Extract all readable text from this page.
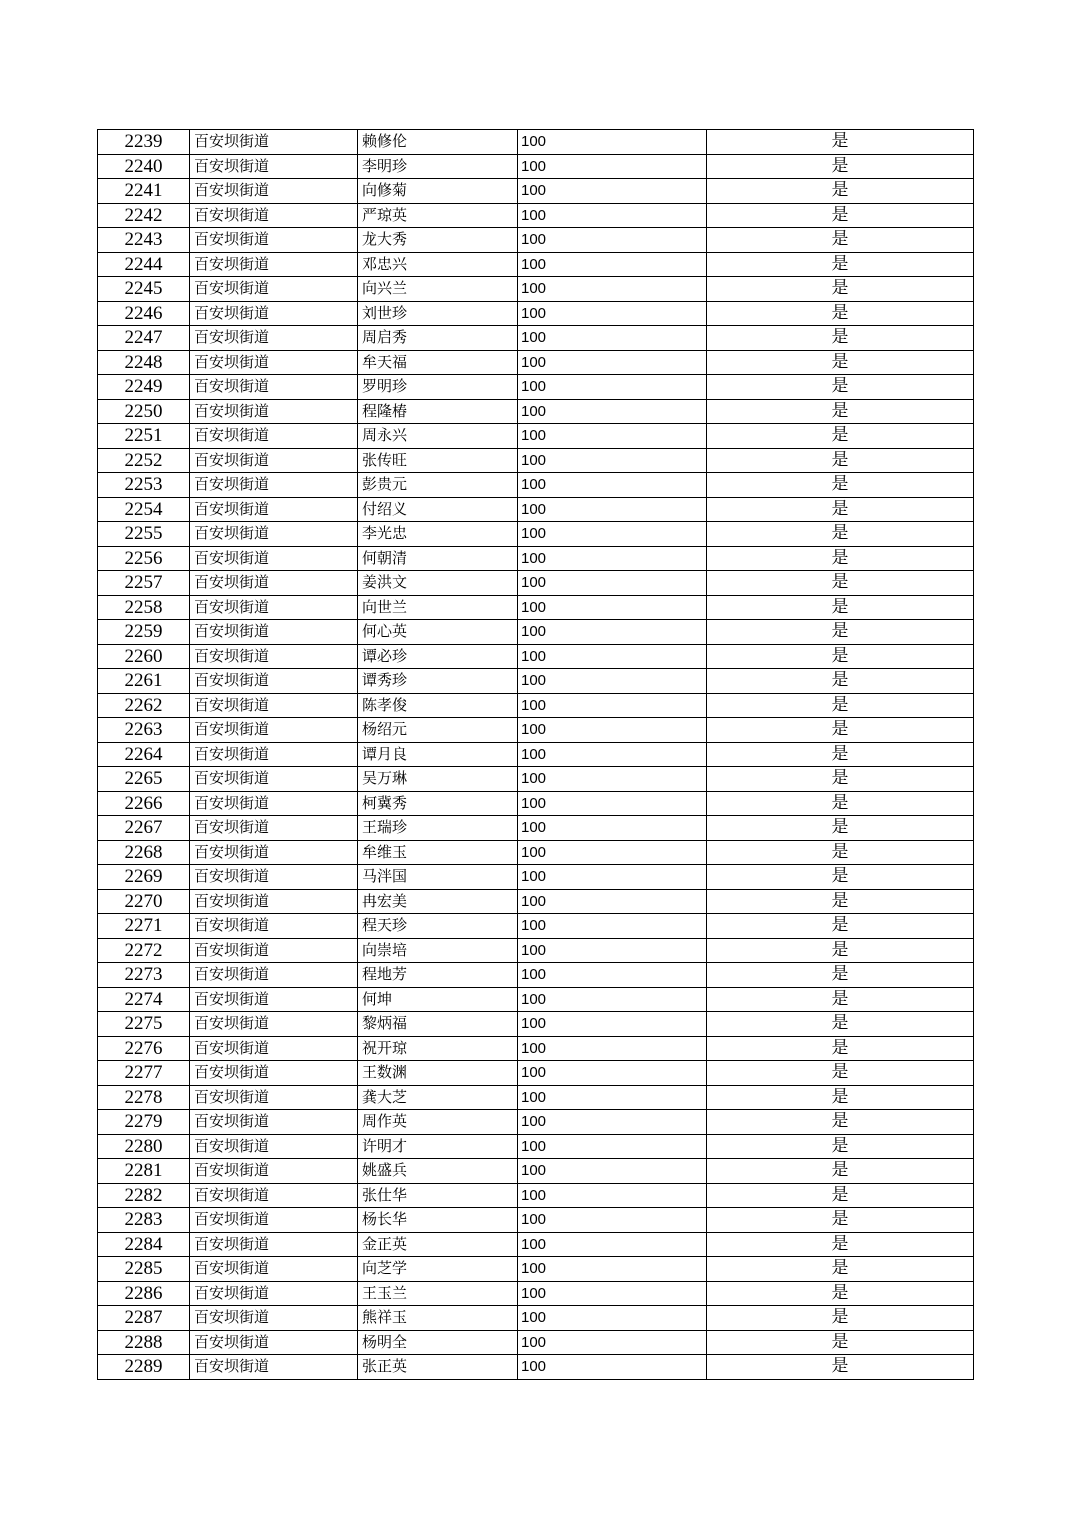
2239	百安坝街道	赖修伦	100	是
2240	百安坝街道	李明珍	100	是
2241	百安坝街道	向修菊	100	是
2242	百安坝街道	严琼英	100	是
2243	百安坝街道	龙大秀	100	是
2244	百安坝街道	邓忠兴	100	是
2245	百安坝街道	向兴兰	100	是
2246	百安坝街道	刘世珍	100	是
2247	百安坝街道	周启秀	100	是
2248	百安坝街道	牟天福	100	是
2249	百安坝街道	罗明珍	100	是
2250	百安坝街道	程隆椿	100	是
2251	百安坝街道	周永兴	100	是
2252	百安坝街道	张传旺	100	是
2253	百安坝街道	彭贵元	100	是
2254	百安坝街道	付绍义	100	是
2255	百安坝街道	李光忠	100	是
2256	百安坝街道	何朝清	100	是
2257	百安坝街道	姜洪文	100	是
2258	百安坝街道	向世兰	100	是
2259	百安坝街道	何心英	100	是
2260	百安坝街道	谭必珍	100	是
2261	百安坝街道	谭秀珍	100	是
2262	百安坝街道	陈孝俊	100	是
2263	百安坝街道	杨绍元	100	是
2264	百安坝街道	谭月良	100	是
2265	百安坝街道	吴万琳	100	是
2266	百安坝街道	柯冀秀	100	是
2267	百安坝街道	王瑞珍	100	是
2268	百安坝街道	牟维玉	100	是
2269	百安坝街道	马泮国	100	是
2270	百安坝街道	冉宏美	100	是
2271	百安坝街道	程天珍	100	是
2272	百安坝街道	向崇培	100	是
2273	百安坝街道	程地芳	100	是
2274	百安坝街道	何坤	100	是
2275	百安坝街道	黎炳福	100	是
2276	百安坝街道	祝开琼	100	是
2277	百安坝街道	王数渊	100	是
2278	百安坝街道	龚大芝	100	是
2279	百安坝街道	周作英	100	是
2280	百安坝街道	许明才	100	是
2281	百安坝街道	姚盛兵	100	是
2282	百安坝街道	张仕华	100	是
2283	百安坝街道	杨长华	100	是
2284	百安坝街道	金正英	100	是
2285	百安坝街道	向芝学	100	是
2286	百安坝街道	王玉兰	100	是
2287	百安坝街道	熊祥玉	100	是
2288	百安坝街道	杨明全	100	是
2289	百安坝街道	张正英	100	是
